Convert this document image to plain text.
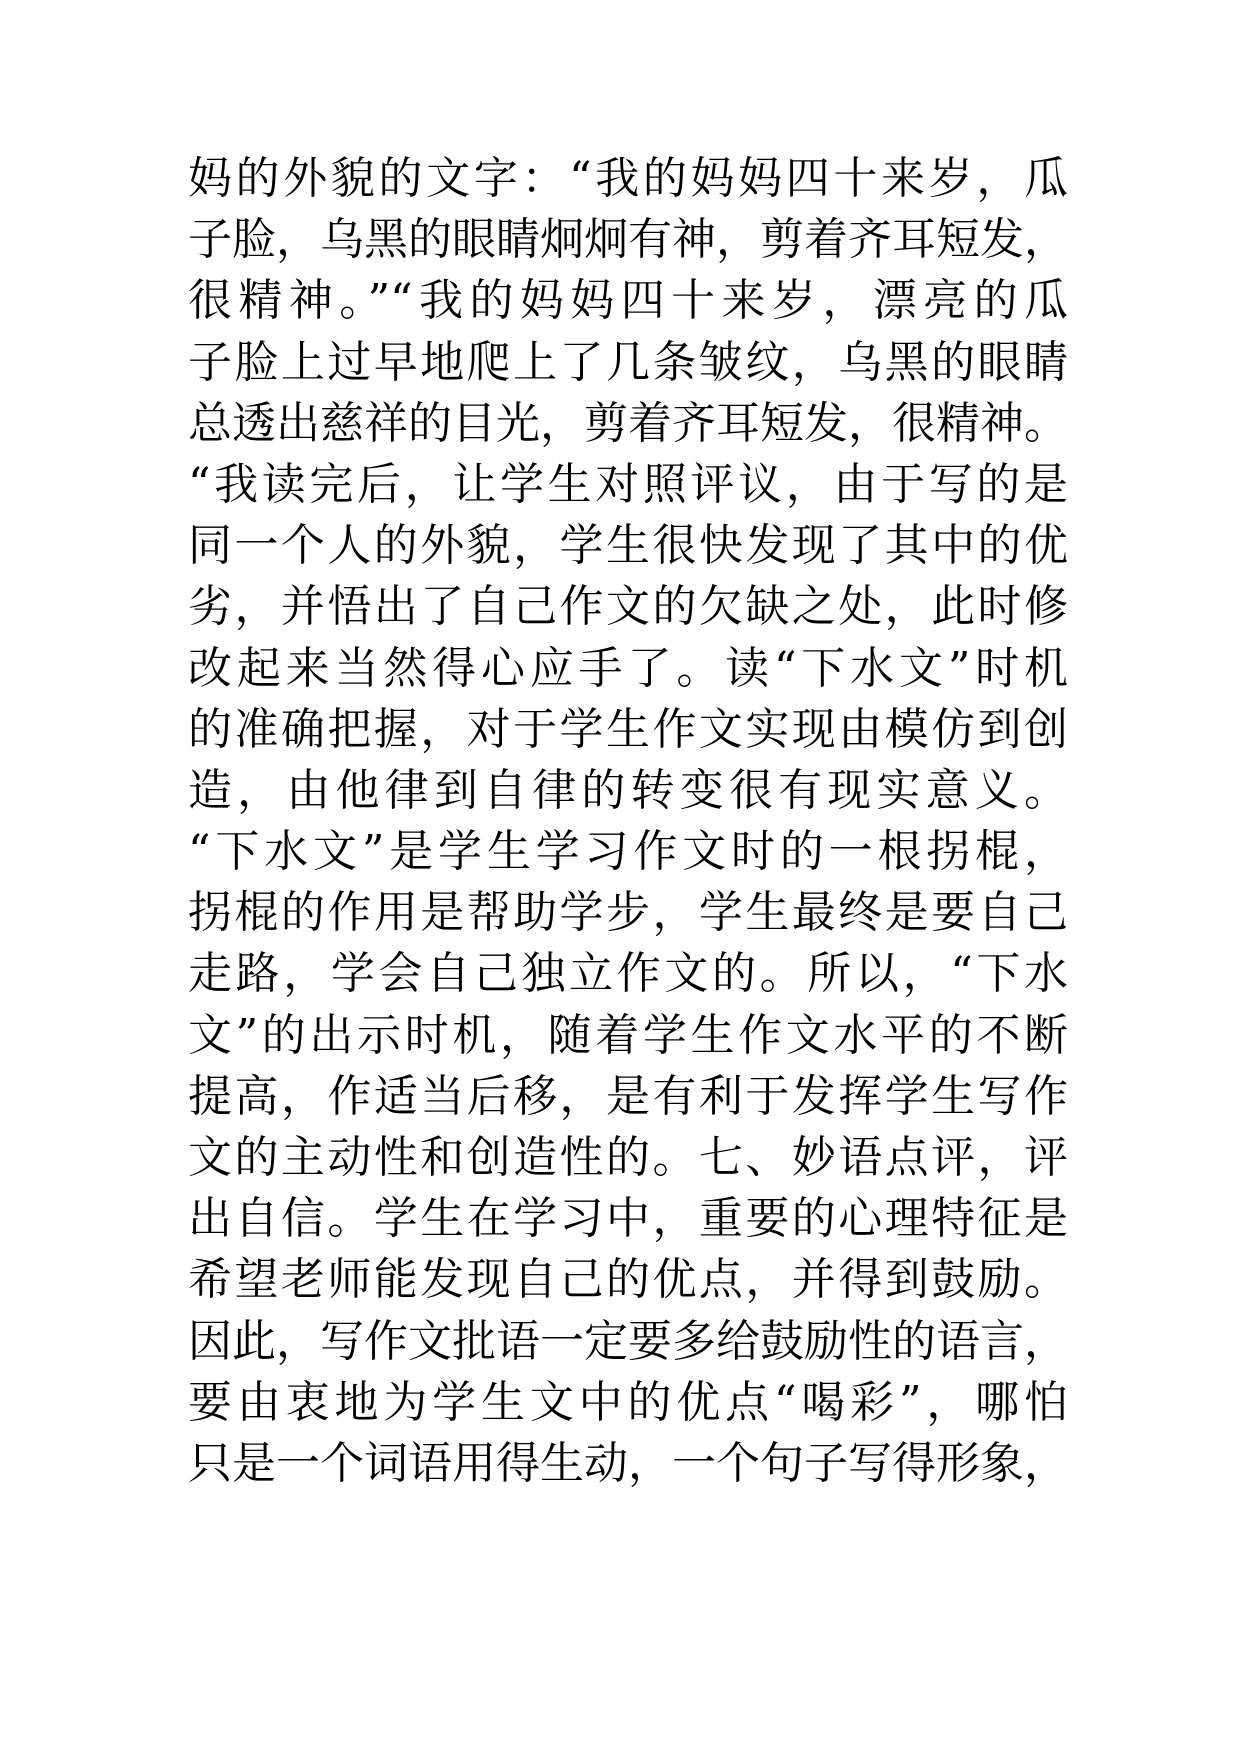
妈的外貌的文字：“我的妈妈四十来岁，瓜
子脸，乌黑的眼睛炯炯有神，剪着齐耳短发，
很精神。”“我的妈妈四十来岁，漂亮的瓜
子脸上过早地爬上了几条皱纹，乌黑的眼睛
总透出慈祥的目光，剪着齐耳短发，很精神。
“我读完后，让学生对照评议，由于写的是
同一个人的外貌，学生很快发现了其中的优
劣，并悟出了自己作文的欠缺之处，此时修
改起来当然得心应手了。读“下水文”时机
的准确把握，对于学生作文实现由模仿到创
造，由他律到自律的转变很有现实意义。
“下水文”是学生学习作文时的一根拐棍，
拐棍的作用是帮助学步，学生最终是要自己
走路，学会自己独立作文的。所以，“下水
文”的出示时机，随着学生作文水平的不断
提高，作适当后移，是有利于发挥学生写作
文的主动性和创造性的。七、妙语点评，评
出自信。学生在学习中，重要的心理特征是
希望老师能发现自己的优点，并得到鼓励。
因此，写作文批语一定要多给鼓励性的语言，
要由衷地为学生文中的优点“喝彩”，哪怕
只是一个词语用得生动，一个句子写得形象，
